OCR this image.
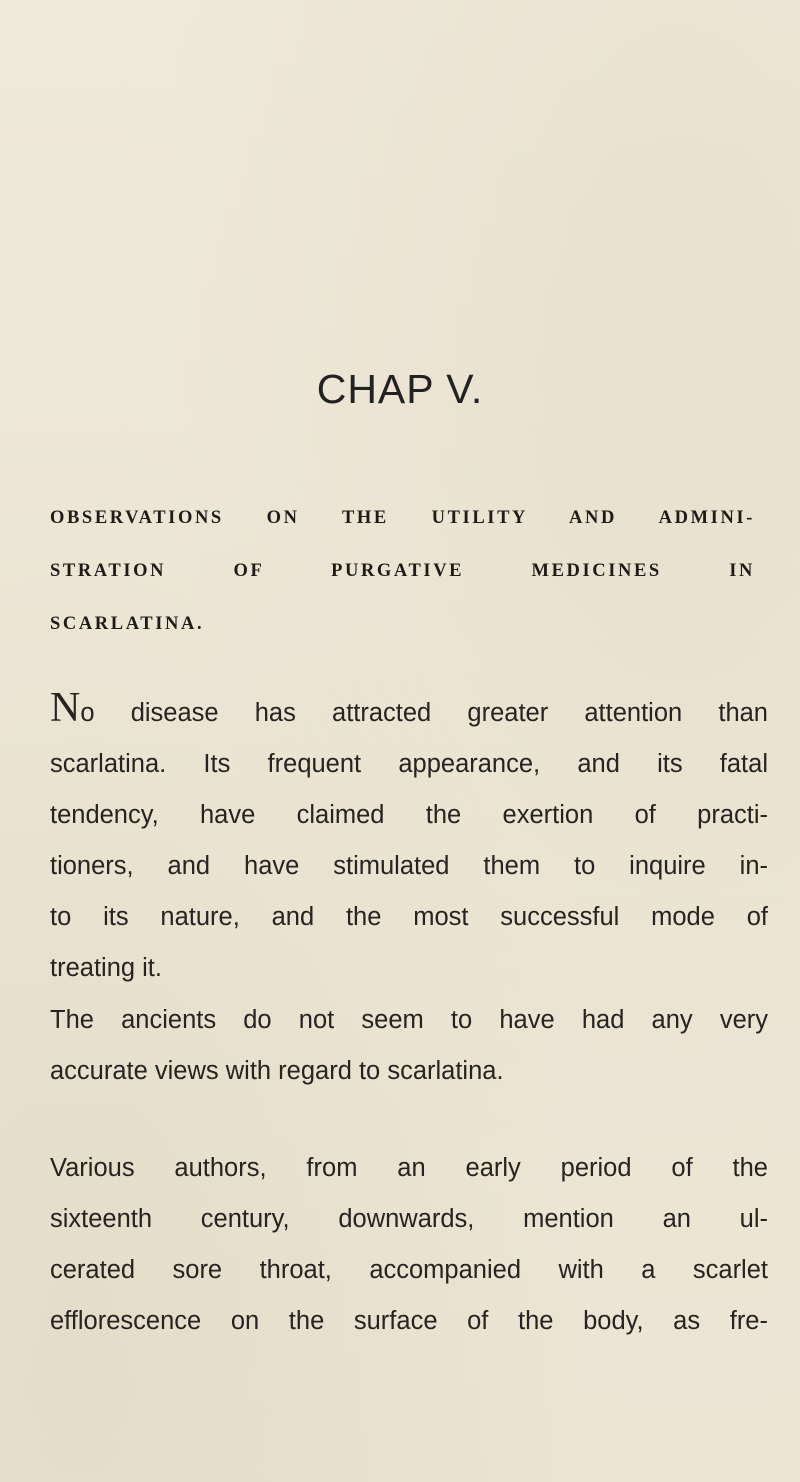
CHAP V.
OBSERVATIONS ON THE UTILITY AND ADMINI-
STRATION OF PURGATIVE MEDICINES IN
SCARLATINA.
No disease has attracted greater attention than
scarlatina. Its frequent appearance, and its fatal
tendency, have claimed the exertion of practi-
tioners, and have stimulated them to inquire in-
to its nature, and the most successful mode of
treating it.
The ancients do not seem to have had any very
accurate views with regard to scarlatina.
Various authors, from an early period of the
sixteenth century, downwards, mention an ul-
cerated sore throat, accompanied with a scarlet
efflorescence on the surface of the body, as fre-
